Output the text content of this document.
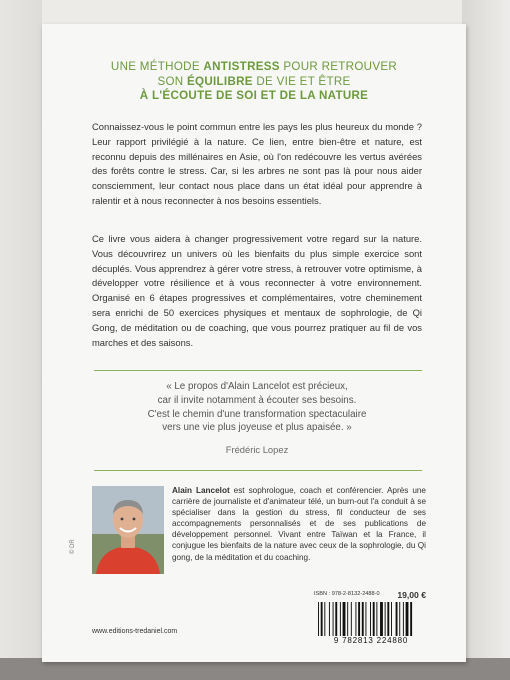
UNE MÉTHODE ANTISTRESS POUR RETROUVER
SON ÉQUILIBRE DE VIE ET ÊTRE
À L'ÉCOUTE DE SOI ET DE LA NATURE
Connaissez-vous le point commun entre les pays les plus heureux du monde ? Leur rapport privilégié à la nature. Ce lien, entre bien-être et nature, est reconnu depuis des millénaires en Asie, où l'on redécouvre les vertus avérées des forêts contre le stress. Car, si les arbres ne sont pas là pour nous aider consciemment, leur contact nous place dans un état idéal pour apprendre à ralentir et à nous reconnecter à nos besoins essentiels.
Ce livre vous aidera à changer progressivement votre regard sur la nature. Vous découvrirez un univers où les bienfaits du plus simple exercice sont décuplés. Vous apprendrez à gérer votre stress, à retrouver votre optimisme, à développer votre résilience et à vous reconnecter à votre environnement. Organisé en 6 étapes progressives et complémentaires, votre cheminement sera enrichi de 50 exercices physiques et mentaux de sophrologie, de Qi Gong, de méditation ou de coaching, que vous pourrez pratiquer au fil de vos marches et des saisons.
« Le propos d'Alain Lancelot est précieux,
car il invite notamment à écouter ses besoins.
C'est le chemin d'une transformation spectaculaire
vers une vie plus joyeuse et plus apaisée. »
Frédéric Lopez
© DR
Alain Lancelot est sophrologue, coach et conférencier. Après une carrière de journaliste et d'animateur télé, un burn-out l'a conduit à se spécialiser dans la gestion du stress, fil conducteur de ses accompagnements personnalisés et de ses publications de développement personnel. Vivant entre Taïwan et la France, il conjugue les bienfaits de la nature avec ceux de la sophrologie, du Qi gong, de la méditation et du coaching.
ISBN : 978-2-8132-2488-0 19,00 €
9 782813 224880
www.editions-tredaniel.com
